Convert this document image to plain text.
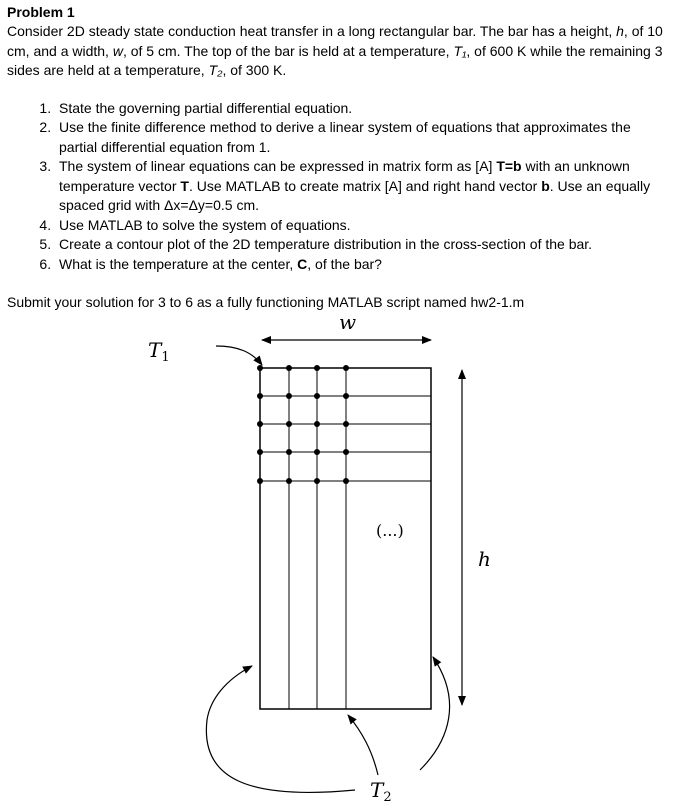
Problem 1
Consider 2D steady state conduction heat transfer in a long rectangular bar. The bar has a height, h, of 10 cm, and a width, w, of 5 cm. The top of the bar is held at a temperature, T₁, of 600 K while the remaining 3 sides are held at a temperature, T₂, of 300 K.
1. State the governing partial differential equation.
2. Use the finite difference method to derive a linear system of equations that approximates the partial differential equation from 1.
3. The system of linear equations can be expressed in matrix form as [A] T=b with an unknown temperature vector T. Use MATLAB to create matrix [A] and right hand vector b. Use an equally spaced grid with Δx=Δy=0.5 cm.
4. Use MATLAB to solve the system of equations.
5. Create a contour plot of the 2D temperature distribution in the cross-section of the bar.
6. What is the temperature at the center, C, of the bar?
Submit your solution for 3 to 6 as a fully functioning MATLAB script named hw2-1.m
w
h
(...)
$T_1$
$T_2$
